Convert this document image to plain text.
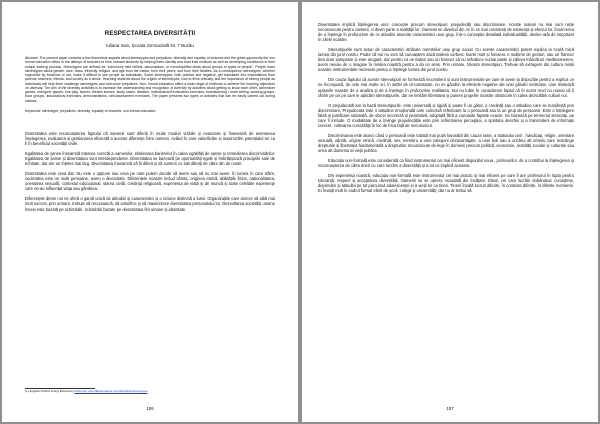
RESPECTAREA DIVERSITĂȚII
Iuliana Ivan, Școala Gimnazială Nr. 7 Buzău

Abstract: The present paper contains a few theoretical aspects about stereotypes and prejudices, diversity and equality of chances and the great opportunity the non formal education offers in the attempt of teachers to form tolerant students by helping them identify and trust their instincts as well as developing confidence in their unique training process. Stereotypes are defined as "commonly held beliefs, assumptions, or oversimplified ideas about groups or types of people". People learn stereotypes about gender, race, class, ethnicity, religion, and age from the media, from their peers, and from their families. As a consequence stereotypes, whether supported by evidence or not, make it difficult to see people as individuals. Some stereotypes, both positive and negative, get translated into expectations from parents, teachers, friends, and society as a whole. Teaching students about the origins of stereotypes, how to think critically, and the importance of seeing people as individuals will help them challenge stereotypes and overcome prejudices. Non- formal education offers a wide range of methods to achieve the learning objectives on diversity. The aim of the diversity activities is to increase the understanding and recognition of diversity by activities about getting to know each other, icebreaker games, energizer games, role play, stories, theatre scenes, study cases, debates, individual self-evaluation exercises, brainstorming / brain writing, working groups, buzz groups, associations exercises, demonstrations, self-assessment exercises. The paper presents two types of activities that can be easily carried out during classes.

Keywords: stereotype, prejudices, diversity, equality of chances, non-formal education.

Diversitatea este recunoașterea faptului că oamenii sunt diferiți în multe moduri vizibile și neavizute și înseamnă de asemenea înțelegerea, evaluarea și gestionarea eficientă a acestor diferențe între oameni. Având în care valorificăm și maximizăm potențialul tor ca fi în beneficiul societății civile.

Egalitatea de șanse înseamnă tratarea corectă a oamenilor, eliminarea barierelor în calea egalității de șanse și remedierea discriminărilor. Egalitatea de șanse și diversitatea sunt interdependente. Diversitatea se bazează pe oportunități egale și îmbrățișează principiile sale de echitate, dar are un înțeles mai larg. Diversitatea înseamnă să fii diferit și să suntem cu toții diferiți de către din de noștri.

Diversitatea este ceva dat. Nu este o opțiune sau ceva pe care putem decide să avem sau să nu mai avem. În lumea în care trăim, societatea este un multi persoane, avem o diversitate. Diferențele noastre includ vârsta, originea etnică, abilitățile fizice, naționalitatea, orientarea sexuală, contextul educațional, starea civilă, credința religioasă, experiența de viață și de muncă și toate celelalte experiențe care ne-au influențat viața sau gândirea.

Diferențele dintre noi ne oferă o gamă unică de atitudini și caracteristici și o viziune distinctă a lumii. Organizațiile care doresc să aibă mai mult succes, prin urmare, trebuie să recunoască, să valorifice și să maximizeze diversitatea personalului lor. Dezvoltarea societății umane înseși este bazată pe schimbări, schimbări bazate pe diversitatea firii umane și identitate.

(1) English Oxford Living Dictionary https://en.oxforddictionaries.com/definition/stereotype
106

Diversitatea implică înțelegerea unor concepte precum stereotipuri, prejudecăți sau discriminare. Aceste noțiuni nu mai sunt niște necunoscute pentru oameni, ci devin parte a realității lor. Oamenii se diverind din ce în ce mai constienți de existența și efectul lor. Înoarcerea de a înțelege în profunzime de ce atitudini anumite caracteristici unui grup, într-o concepție detaliată individualității, devine atât de important în zilele noastre.

Stereotipurile sunt seturi de caracteristici atribuite membrilor unui grup social. Cu aceste caracteristici putem explica la scară mică lumea din jurul nostru. Poate că noi nu vom să cunoaștem dacă italienii vorbesc foarte mult și folosesc o mulțime de gesturi, sau un francez bea doar șampanie și este arogant, dar pentru ca un italian sau un francez să nu mănânce numai paste și câteva mâncăruri mediteraneene, avem nevoie de o imagine în mintea noastră pentru a da un sens. Prin urmare, folosim stereotipuri. Trebuie să extragem din cultura minții noastre instrumentele necesare pentru a înțelege lumea din jurul nostru.

Din cauza faptului că aceste stereotipuri se formează inconștient și sunt instrumentale pe care le avem la dispoziție pentru a explica ce ne înconjoară, de cele mai multe ori, în astfel de circumstanțe, nu ne gândim la efectele negative ale unei gândiri metrizate, care limitează opțiunile noastre de a analiza și de a înțelege în profunzime realitatea. Noi nu luăm în considerare faptul că în acest mod nu numai că îi rănim pe cei pe care le aplicăm stereotipurile, dar ne limităm libertatea și punem propriile noastre obstacole în calea dezvoltării culturii noi.

O prejudecată are la bază stereotipurile, este universală și rigidă și poate fi un gând, o credință sau o atitudine care se manifestă prin discriminare. Prejudecata este o atitudine emoțională care colectivă referitoare la o persoană sau la un grup de persoane. Este o înțelegere falsă și justificare rațională, de obicei incorectă și peiorativă, adoptată fără a cunoaște faptele exacte. Se bazează pe termenul stereotip, pe care îl include. O modalitate de a învinge prejudecățile este prin schimbarea percepției, a spiritului deschis și a transmiterii de informații corecte, cultivarea curiozității în loc de frica față de necunoscut.

Discriminarea este atunci când o persoană este tratată mai puțin favorabil din cauza rasei, a statutului civil , handicap, religie, orientare sexuală, vârstă, origine etnică, credință, sex, membru a unei categorii dezavantajate, a unei boli sau a oricărui alt criteriu care restrânge drepturile și libertatea fundamentală a drepturilor recunoscute de lege în domenii precum politică, economie, activități sociale și culturale sau orice alt domeniu al vieții publice.

Educația non-formală este considerată ca fiind instrumentul cel mai eficient disponibil noua , profesorilor, de a contribui la înțelegerea și recunoașterea de către tineri cu care lucrăm a diversității și a tot ce implică aceasta.

Din experiența noastră, educația non-formală este instrumentul cel mai practic și mai eficient pe care îl are profesorul în lupta pentru toleranță, respect și acceptarea diversității. Oamenii nu se opresc niciodată din învățare. Elevii, cei care lucrăm dobândesc cunoștințe, deprinderi și atitudini pe tot parcursul adolescenței și a vieții lor ca tineri. Tinerii învață lucruri diferite, în contexte diferite, în diferite momente. Ei învață mult în cadrul formal oferit de școli, colegii și universități, dar nu ar trebui să

107
